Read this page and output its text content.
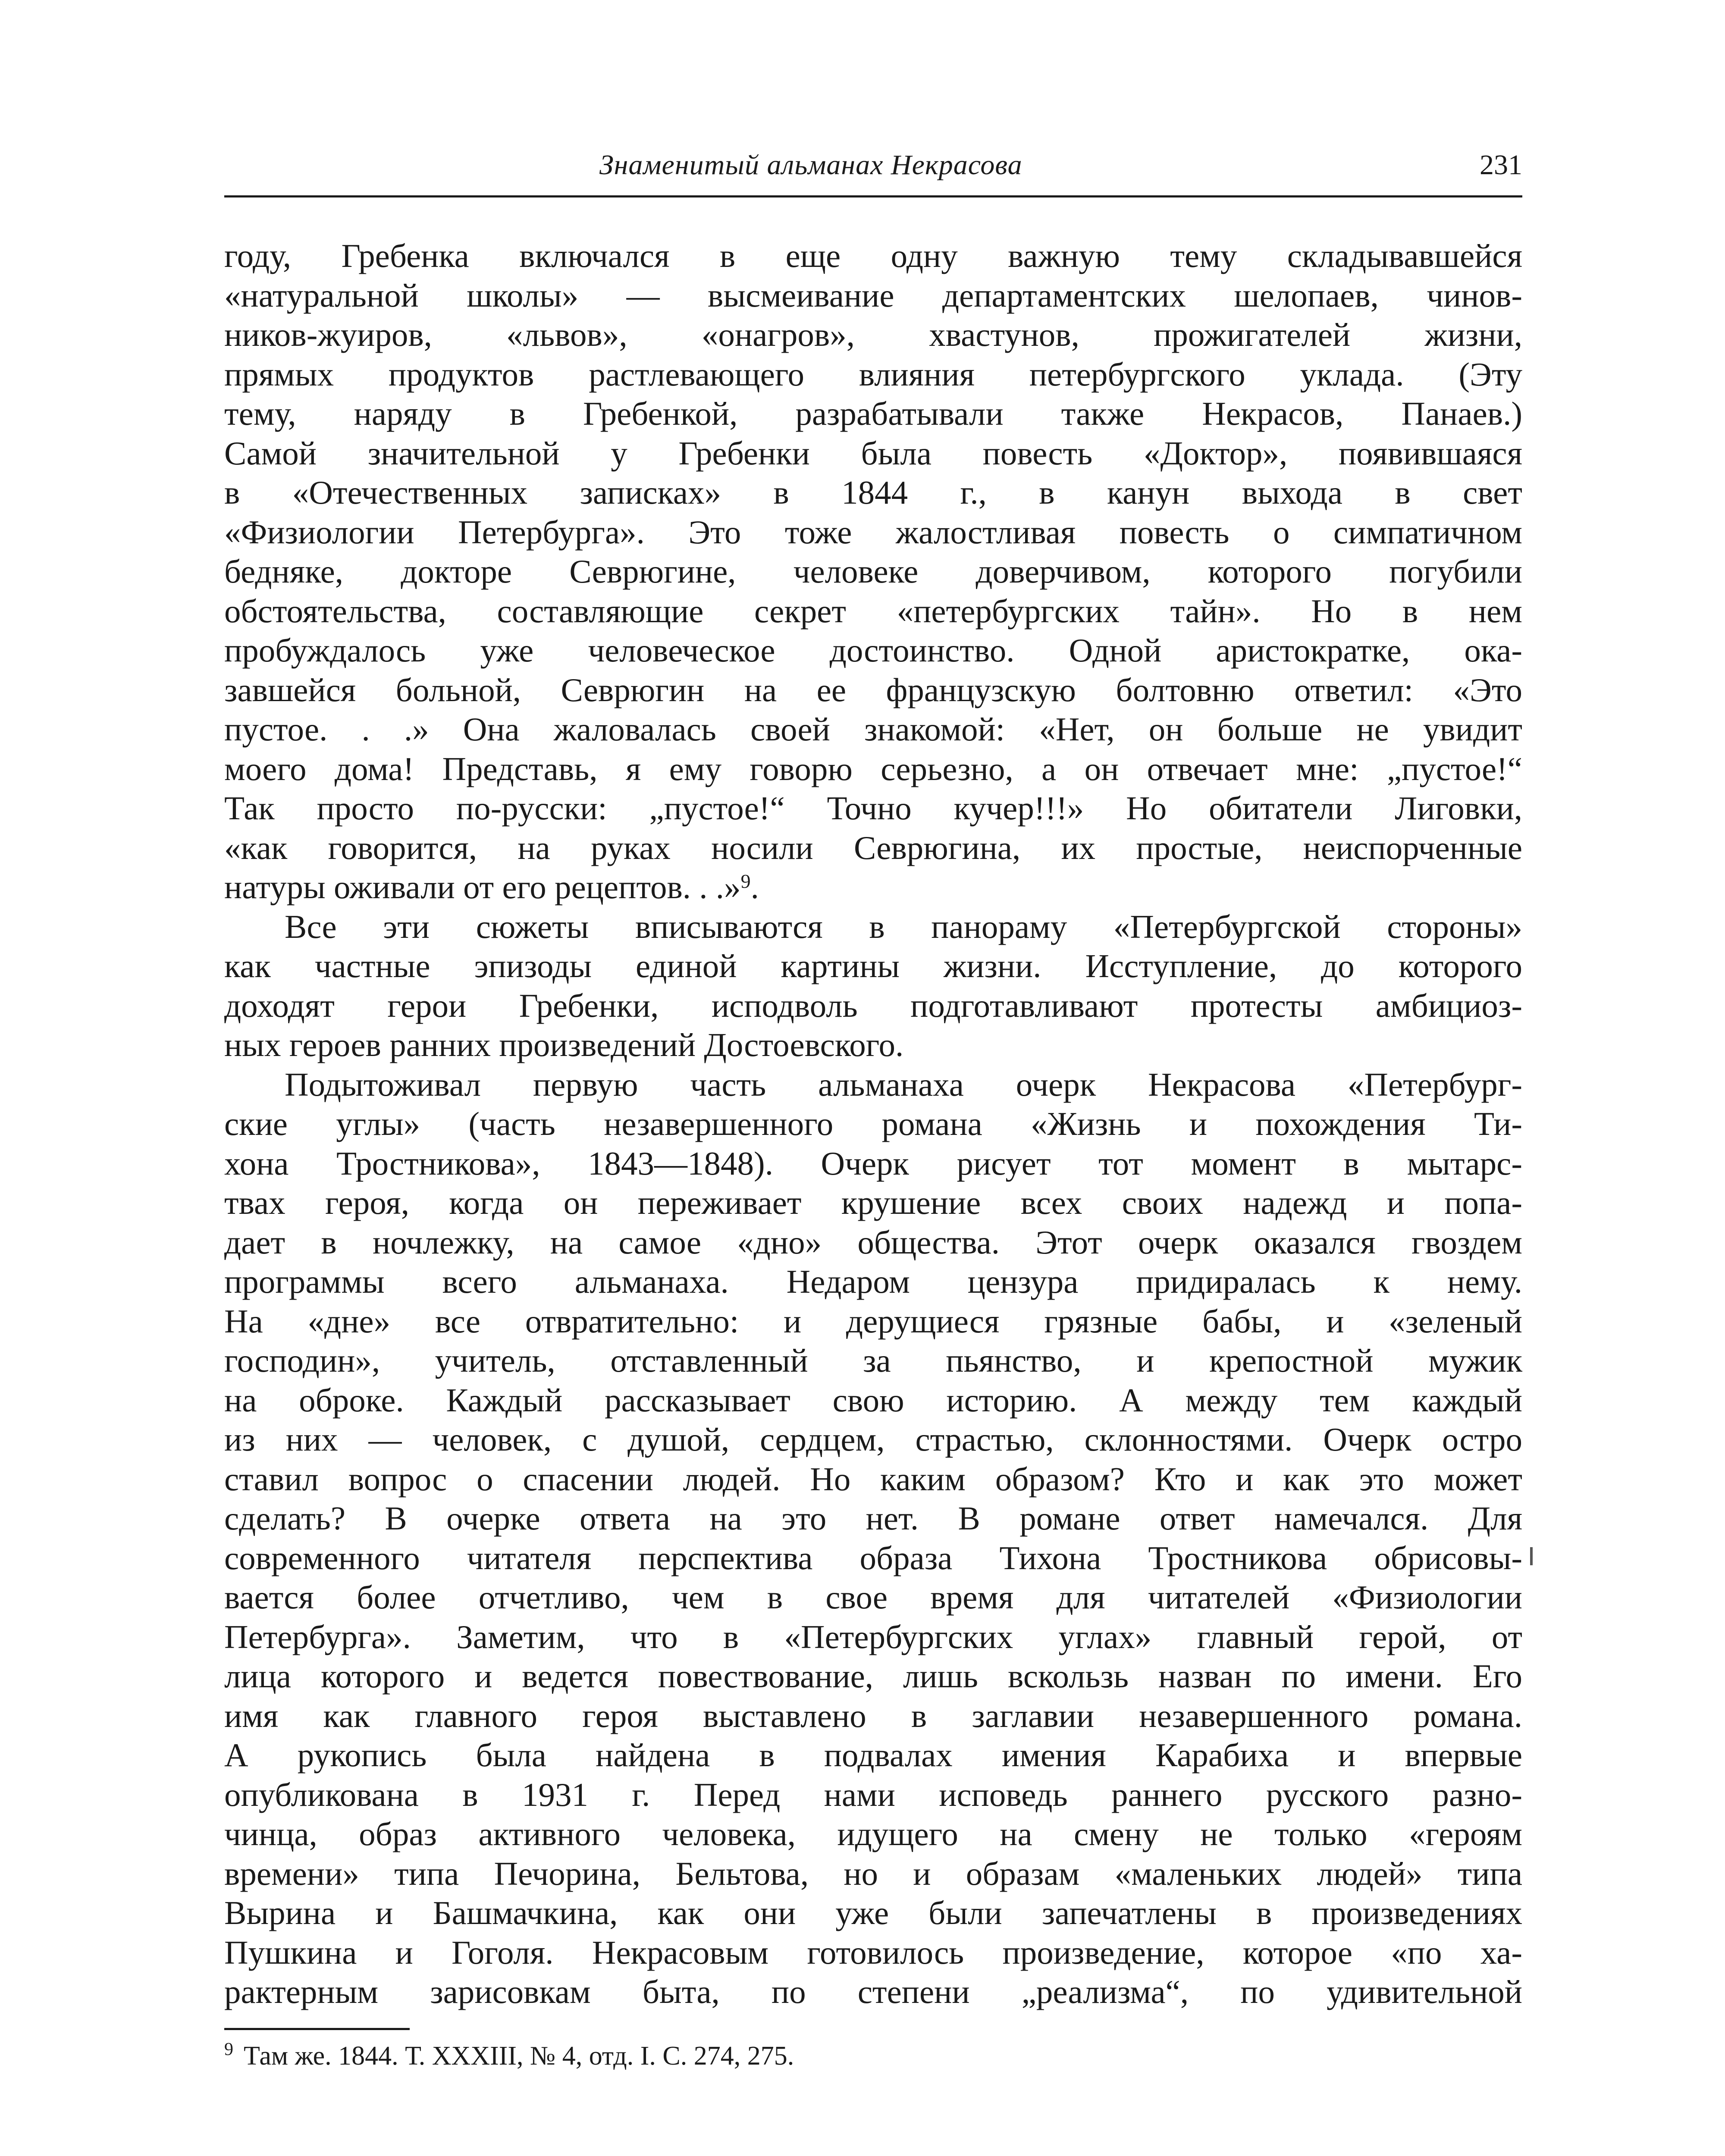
Знаменитый альманах Некрасова	231
году, Гребенка включался в еще одну важную тему складывавшейся
«натуральной школы» — высмеивание департаментских шелопаев, чинов-
ников-жуиров, «львов», «онагров», хвастунов, прожигателей жизни,
прямых продуктов растлевающего влияния петербургского уклада. (Эту
тему, наряду в Гребенкой, разрабатывали также Некрасов, Панаев.)
Самой значительной у Гребенки была повесть «Доктор», появившаяся
в «Отечественных записках» в 1844 г., в канун выхода в свет
«Физиологии Петербурга». Это тоже жалостливая повесть о симпатичном
бедняке, докторе Севрюгине, человеке доверчивом, которого погубили
обстоятельства, составляющие секрет «петербургских тайн». Но в нем
пробуждалось уже человеческое достоинство. Одной аристократке, ока-
завшейся больной, Севрюгин на ее французскую болтовню ответил: «Это
пустое. . .» Она жаловалась своей знакомой: «Нет, он больше не увидит
моего дома! Представь, я ему говорю серьезно, а он отвечает мне: „пустое!“
Так просто по-русски: „пустое!“ Точно кучер!!!» Но обитатели Лиговки,
«как говорится, на руках носили Севрюгина, их простые, неиспорченные
натуры оживали от его рецептов. . .»$^9$.
Все эти сюжеты вписываются в панораму «Петербургской стороны»
как частные эпизоды единой картины жизни. Исступление, до которого
доходят герои Гребенки, исподволь подготавливают протесты амбициоз-
ных героев ранних произведений Достоевского.
Подытоживал первую часть альманаха очерк Некрасова «Петербург-
ские углы» (часть незавершенного романа «Жизнь и похождения Ти-
хона Тростникова», 1843—1848). Очерк рисует тот момент в мытарс-
твах героя, когда он переживает крушение всех своих надежд и попа-
дает в ночлежку, на самое «дно» общества. Этот очерк оказался гвоздем
программы всего альманаха. Недаром цензура придиралась к нему.
На «дне» все отвратительно: и дерущиеся грязные бабы, и «зеленый
господин», учитель, отставленный за пьянство, и крепостной мужик
на оброке. Каждый рассказывает свою историю. А между тем каждый
из них — человек, с душой, сердцем, страстью, склонностями. Очерк остро
ставил вопрос о спасении людей. Но каким образом? Кто и как это может
сделать? В очерке ответа на это нет. В романе ответ намечался. Для
современного читателя перспектива образа Тихона Тростникова обрисовы-
вается более отчетливо, чем в свое время для читателей «Физиологии
Петербурга». Заметим, что в «Петербургских углах» главный герой, от
лица которого и ведется повествование, лишь вскользь назван по имени. Его
имя как главного героя выставлено в заглавии незавершенного романа.
А рукопись была найдена в подвалах имения Карабиха и впервые
опубликована в 1931 г. Перед нами исповедь раннего русского разно-
чинца, образ активного человека, идущего на смену не только «героям
времени» типа Печорина, Бельтова, но и образам «маленьких людей» типа
Вырина и Башмачкина, как они уже были запечатлены в произведениях
Пушкина и Гоголя. Некрасовым готовилось произведение, которое «по ха-
рактерным зарисовкам быта, по степени „реализма“, по удивительной
$^9$ Там же. 1844. Т. XXXIII, № 4, отд. I. С. 274, 275.
